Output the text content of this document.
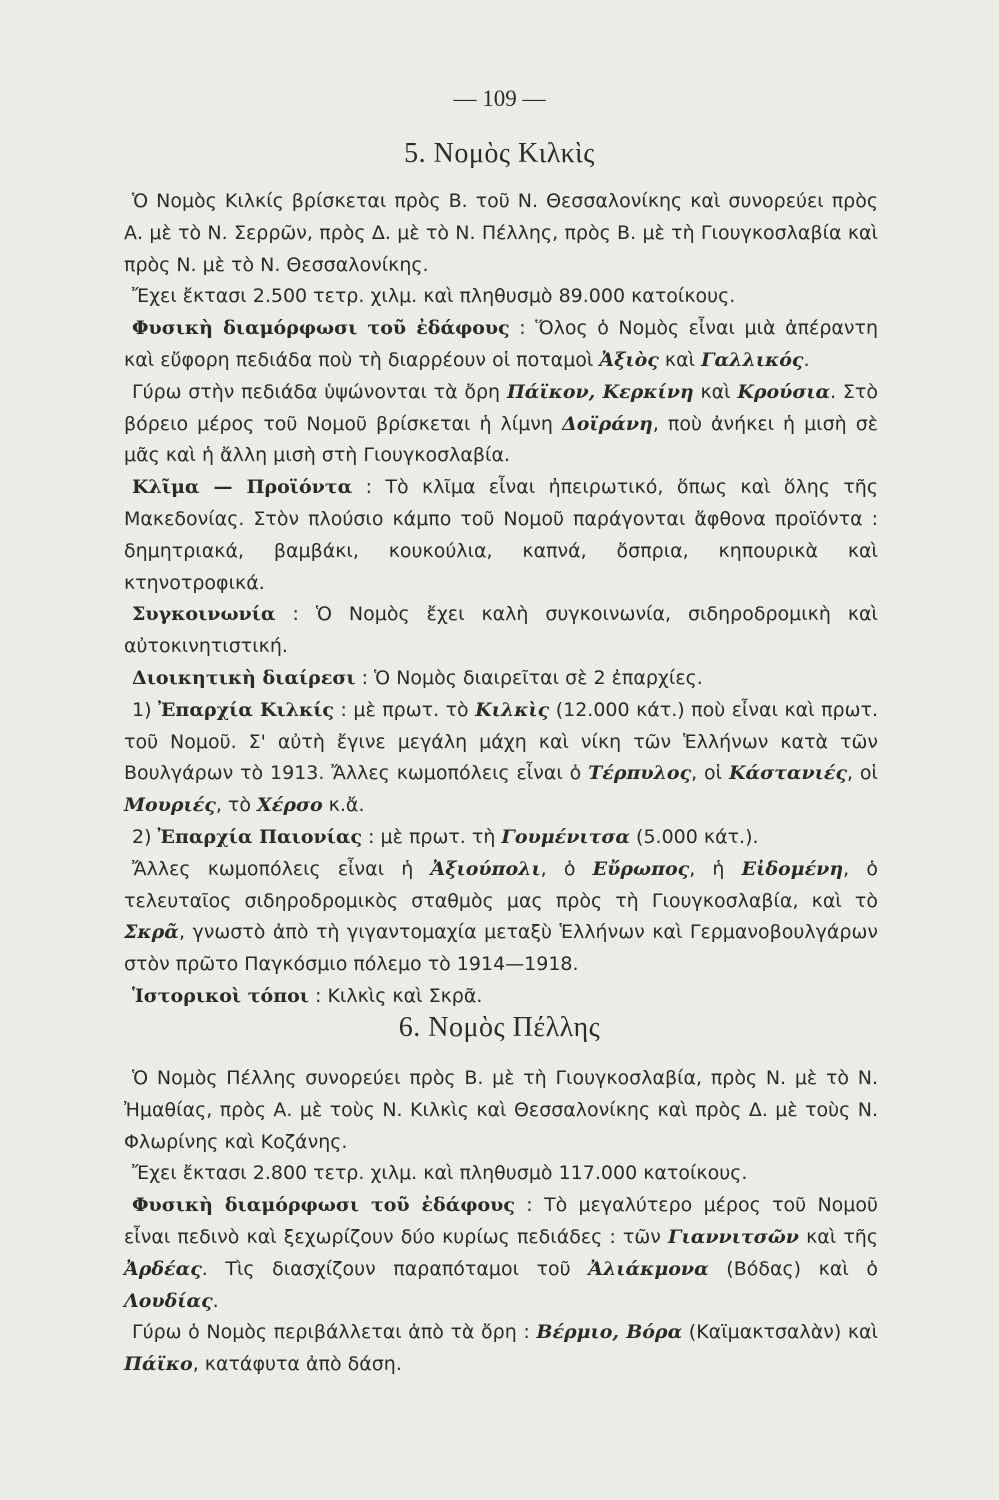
— 109 —
5. Νομὸς Κιλκὶς

Ὁ Νομὸς Κιλκίς βρίσκεται πρὸς Β. τοῦ Ν. Θεσσαλονίκης καὶ συνορεύει πρὸς Α. μὲ τὸ Ν. Σερρῶν, πρὸς Δ. μὲ τὸ Ν. Πέλλης, πρὸς Β. μὲ τὴ Γιουγκοσλαβία καὶ πρὸς Ν. μὲ τὸ Ν. Θεσσαλονίκης.

Ἔχει ἔκτασι 2.500 τετρ. χιλμ. καὶ πληθυσμὸ 89.000 κατοίκους.

Φυσικὴ διαμόρφωσι τοῦ ἐδάφους : Ὅλος ὁ Νομὸς εἶναι μιὰ ἀπέραντη καὶ εὔφορη πεδιάδα ποὺ τὴ διαρρέουν οἱ ποταμοὶ Ἀξιὸς καὶ Γαλλικός.

Γύρω στὴν πεδιάδα ὑψώνονται τὰ ὄρη Πάϊκον, Κερκίνη καὶ Κρούσια. Στὸ βόρειο μέρος τοῦ Νομοῦ βρίσκεται ἡ λίμνη Δοϊράνη, ποὺ ἀνήκει ἡ μισὴ σὲ μᾶς καὶ ἡ ἄλλη μισὴ στὴ Γιουγκοσλαβία.

Κλῖμα — Προϊόντα : Τὸ κλῖμα εἶναι ἠπειρωτικό, ὅπως καὶ ὅλης τῆς Μακεδονίας. Στὸν πλούσιο κάμπο τοῦ Νομοῦ παράγονται ἄφθονα προϊόντα : δημητριακά, βαμβάκι, κουκούλια, καπνά, ὄσπρια, κηπουρικὰ καὶ κτηνοτροφικά.

Συγκοινωνία : Ὁ Νομὸς ἔχει καλὴ συγκοινωνία, σιδηροδρομικὴ καὶ αὐτοκινητιστική.

Διοικητικὴ διαίρεσι : Ὁ Νομὸς διαιρεῖται σὲ 2 ἐπαρχίες.

1) Ἐπαρχία Κιλκίς : μὲ πρωτ. τὸ Κιλκὶς (12.000 κάτ.) ποὺ εἶναι καὶ πρωτ. τοῦ Νομοῦ. Σ' αὐτὴ ἔγινε μεγάλη μάχη καὶ νίκη τῶν Ἑλλήνων κατὰ τῶν Βουλγάρων τὸ 1913. Ἄλλες κωμοπόλεις εἶναι ὁ Τέρπυλος, οἱ Κάστανιές, οἱ Μουριές, τὸ Χέρσο κ.ἄ.

2) Ἐπαρχία Παιονίας : μὲ πρωτ. τὴ Γουμένιτσα (5.000 κάτ.).

Ἄλλες κωμοπόλεις εἶναι ἡ Ἀξιούπολι, ὁ Εὔρωπος, ἡ Εἰδομένη, ὁ τελευταῖος σιδηροδρομικὸς σταθμὸς μας πρὸς τὴ Γιουγκοσλαβία, καὶ τὸ Σκρᾶ, γνωστὸ ἀπὸ τὴ γιγαντομαχία μεταξὺ Ἑλλήνων καὶ Γερμανοβουλγάρων στὸν πρῶτο Παγκόσμιο πόλεμο τὸ 1914—1918.

Ἱστορικοὶ τόποι : Κιλκὶς καὶ Σκρᾶ.

6. Νομὸς Πέλλης

Ὁ Νομὸς Πέλλης συνορεύει πρὸς Β. μὲ τὴ Γιουγκοσλαβία, πρὸς Ν. μὲ τὸ Ν. Ἠμαθίας, πρὸς Α. μὲ τοὺς Ν. Κιλκὶς καὶ Θεσσαλονίκης καὶ πρὸς Δ. μὲ τοὺς Ν. Φλωρίνης καὶ Κοζάνης.

Ἔχει ἔκτασι 2.800 τετρ. χιλμ. καὶ πληθυσμὸ 117.000 κατοίκους.

Φυσικὴ διαμόρφωσι τοῦ ἐδάφους : Τὸ μεγαλύτερο μέρος τοῦ Νομοῦ εἶναι πεδινὸ καὶ ξεχωρίζουν δύο κυρίως πεδιάδες : τῶν Γιαννιτσῶν καὶ τῆς Ἀρδέας. Τὶς διασχίζουν παραπόταμοι τοῦ Ἀλιάκμονα (Βόδας) καὶ ὁ Λουδίας.

Γύρω ὁ Νομὸς περιβάλλεται ἀπὸ τὰ ὄρη : Βέρμιο, Βόρα (Καϊμακτσαλὰν) καὶ Πάϊκο, κατάφυτα ἀπὸ δάση.
